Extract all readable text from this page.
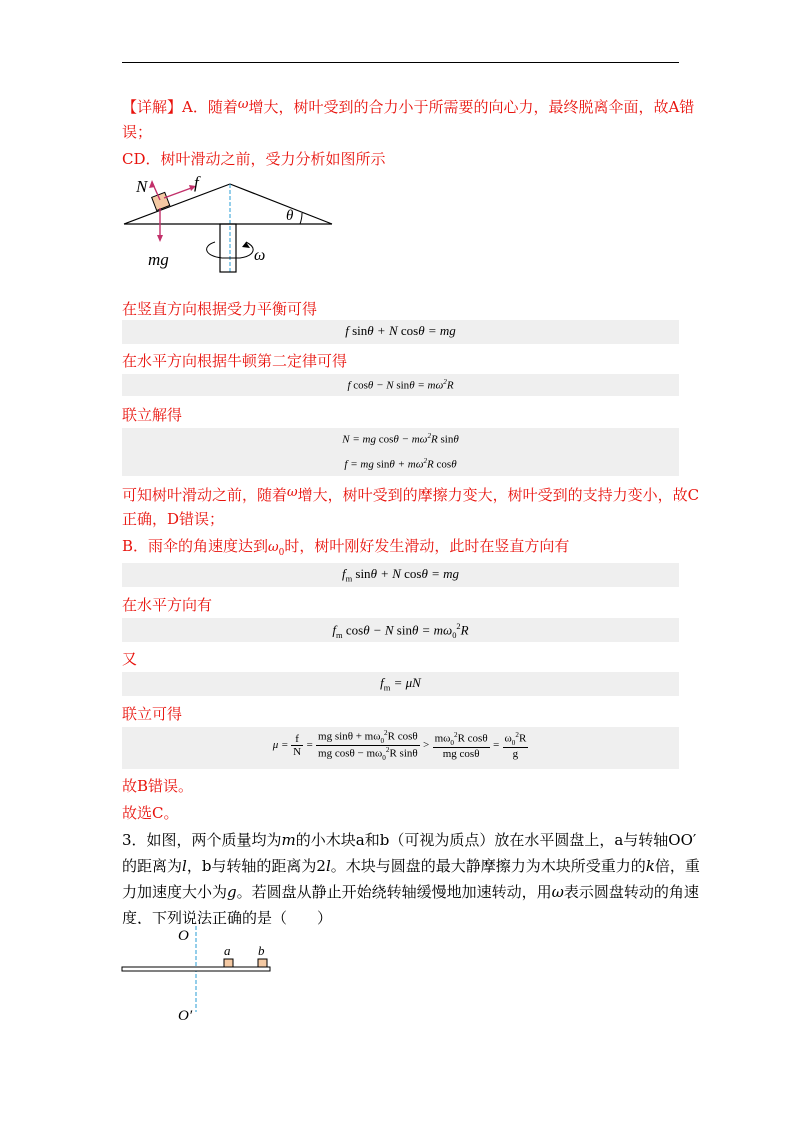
【详解】A．随着ω增大，树叶受到的合力小于所需要的向心力，最终脱离伞面，故A错
误；
CD．树叶滑动之前，受力分析如图所示
N	f
mg
θ
ω
在竖直方向根据受力平衡可得
f sinθ + N cosθ = mg
在水平方向根据牛顿第二定律可得
f cosθ − N $\sin\theta = m\omega^2R$
联立解得
N = mg $\cos\theta - m\omega^2R$ sinθ
f = mg $\sin\theta + m\omega^2R$ cosθ
可知树叶滑动之前，随着ω增大，树叶受到的摩擦力变大，树叶受到的支持力变小，故C
正确，D错误；
B．雨伞的角速度达到$\omega_0$时，树叶刚好发生滑动，此时在竖直方向有
$f_m$ sinθ + N cosθ = mg
在水平方向有
$f_m$ cosθ − N $\sin\theta = m\omega_0^2R$
又
$f_m = \mu N$
联立可得
$\mu = \frac{f}{N} = \frac{mg \sin\theta + m\omega_0^2R \cos\theta}{mg \cos\theta - m\omega_0^2R \sin\theta} > \frac{m\omega_0^2R \cos\theta}{\text{mg cosθ}} = \frac{\omega_0^2R}{g}$
故B错误。
故选C。
3．如图，两个质量均为m的小木块a和b（可视为质点）放在水平圆盘上，a与转轴OO′
的距离为l，b与转轴的距离为2l。木块与圆盘的最大静摩擦力为木块所受重力的k倍，重
力加速度大小为g。若圆盘从静止开始绕转轴缓慢地加速转动，用ω表示圆盘转动的角速
度，下列说法正确的是（　　）
O
O′
a b
